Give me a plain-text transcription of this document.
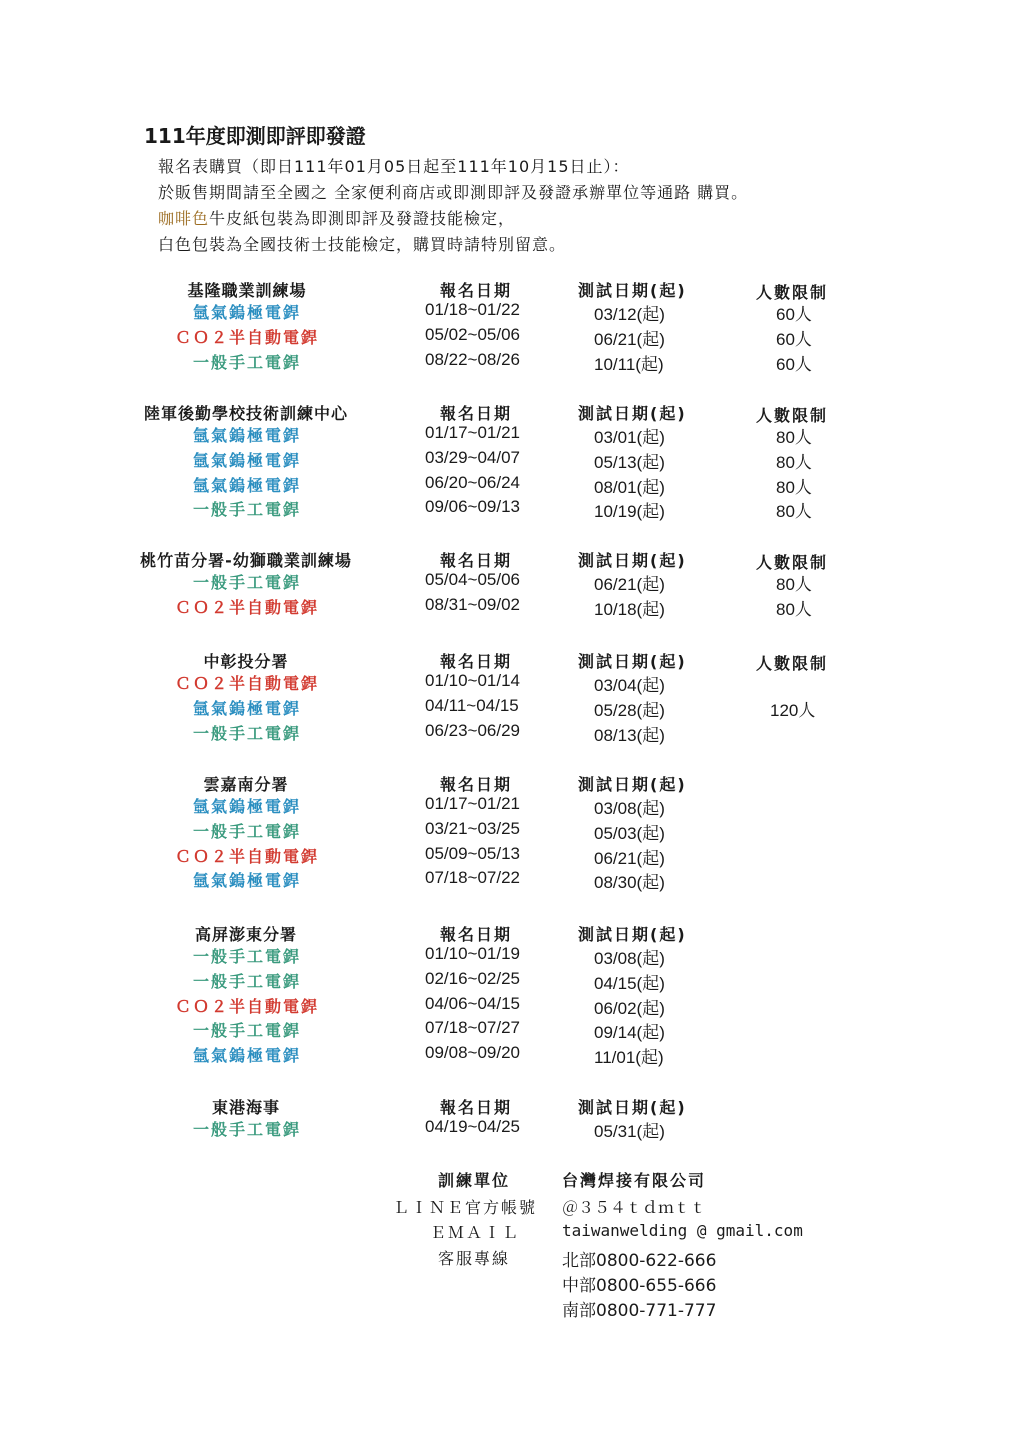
111年度即測即評即發證
報名表購買（即日111年01月05日起至111年10月15日止）：
於販售期間請至全國之 全家便利商店或即測即評及發證承辦單位等通路 購買。
咖啡色牛皮紙包裝為即測即評及發證技能檢定，
白色包裝為全國技術士技能檢定，購買時請特別留意。
基隆職業訓練場	報名日期	測試日期(起)	人數限制
氬氣鎢極電銲	01/18~01/22	03/12(起)	60人
ＣＯ２半自動電銲	05/02~05/06	06/21(起)	60人
一般手工電銲	08/22~08/26	10/11(起)	60人
陸軍後勤學校技術訓練中心	報名日期	測試日期(起)	人數限制
氬氣鎢極電銲	01/17~01/21	03/01(起)	80人
氬氣鎢極電銲	03/29~04/07	05/13(起)	80人
氬氣鎢極電銲	06/20~06/24	08/01(起)	80人
一般手工電銲	09/06~09/13	10/19(起)	80人
桃竹苗分署-幼獅職業訓練場	報名日期	測試日期(起)	人數限制
一般手工電銲	05/04~05/06	06/21(起)	80人
ＣＯ２半自動電銲	08/31~09/02	10/18(起)	80人
中彰投分署	報名日期	測試日期(起)	人數限制
ＣＯ２半自動電銲	01/10~01/14	03/04(起)
氬氣鎢極電銲	04/11~04/15	05/28(起)	120人
一般手工電銲	06/23~06/29	08/13(起)
雲嘉南分署	報名日期	測試日期(起)
氬氣鎢極電銲	01/17~01/21	03/08(起)
一般手工電銲	03/21~03/25	05/03(起)
ＣＯ２半自動電銲	05/09~05/13	06/21(起)
氬氣鎢極電銲	07/18~07/22	08/30(起)
高屏澎東分署	報名日期	測試日期(起)
一般手工電銲	01/10~01/19	03/08(起)
一般手工電銲	02/16~02/25	04/15(起)
ＣＯ２半自動電銲	04/06~04/15	06/02(起)
一般手工電銲	07/18~07/27	09/14(起)
氬氣鎢極電銲	09/08~09/20	11/01(起)
東港海事	報名日期	測試日期(起)
一般手工電銲	04/19~04/25	05/31(起)
訓練單位	台灣焊接有限公司
ＬＩＮＥ官方帳號 ＠３５４ｔｄｍｔｔ
ＥＭＡＩＬ	taiwanwelding @ gmail.com
客服專線	北部0800-622-666
中部0800-655-666
南部0800-771-777
